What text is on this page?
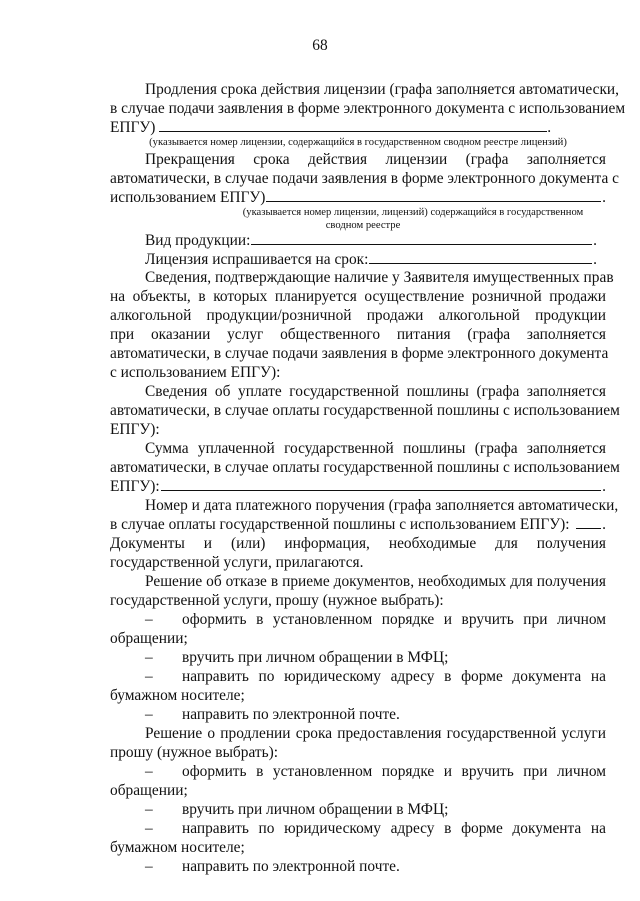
68
Продления срока действия лицензии (графа заполняется автоматически,
в случае подачи заявления в форме электронного документа с использованием
ЕПГУ)	.
(указывается номер лицензии, содержащийся в государственном сводном реестре лицензий)
Прекращения срока действия лицензии (графа заполняется
автоматически, в случае подачи заявления в форме электронного документа с
использованием ЕПГУ)	.
(указывается номер лицензии, лицензий) содержащийся в государственном
сводном реестре
Вид продукции:	.
Лицензия испрашивается на срок:	.
Сведения, подтверждающие наличие у Заявителя имущественных прав
на объекты, в которых планируется осуществление розничной продажи
алкогольной продукции/розничной продажи алкогольной продукции
при оказании услуг общественного питания (графа заполняется
автоматически, в случае подачи заявления в форме электронного документа
с использованием ЕПГУ):
Сведения об уплате государственной пошлины (графа заполняется
автоматически, в случае оплаты государственной пошлины с использованием
ЕПГУ):
Сумма уплаченной государственной пошлины (графа заполняется
автоматически, в случае оплаты государственной пошлины с использованием
ЕПГУ):	.
Номер и дата платежного поручения (графа заполняется автоматически,
в случае оплаты государственной пошлины с использованием ЕПГУ): .
Документы и (или) информация, необходимые для получения
государственной услуги, прилагаются.
Решение об отказе в приеме документов, необходимых для получения
государственной услуги, прошу (нужное выбрать):
– оформить в установленном порядке и вручить при личном
обращении;
– вручить при личном обращении в МФЦ;
– направить по юридическому адресу в форме документа на
бумажном носителе;
– направить по электронной почте.
Решение о продлении срока предоставления государственной услуги
прошу (нужное выбрать):
– оформить в установленном порядке и вручить при личном
обращении;
– вручить при личном обращении в МФЦ;
– направить по юридическому адресу в форме документа на
бумажном носителе;
– направить по электронной почте.
